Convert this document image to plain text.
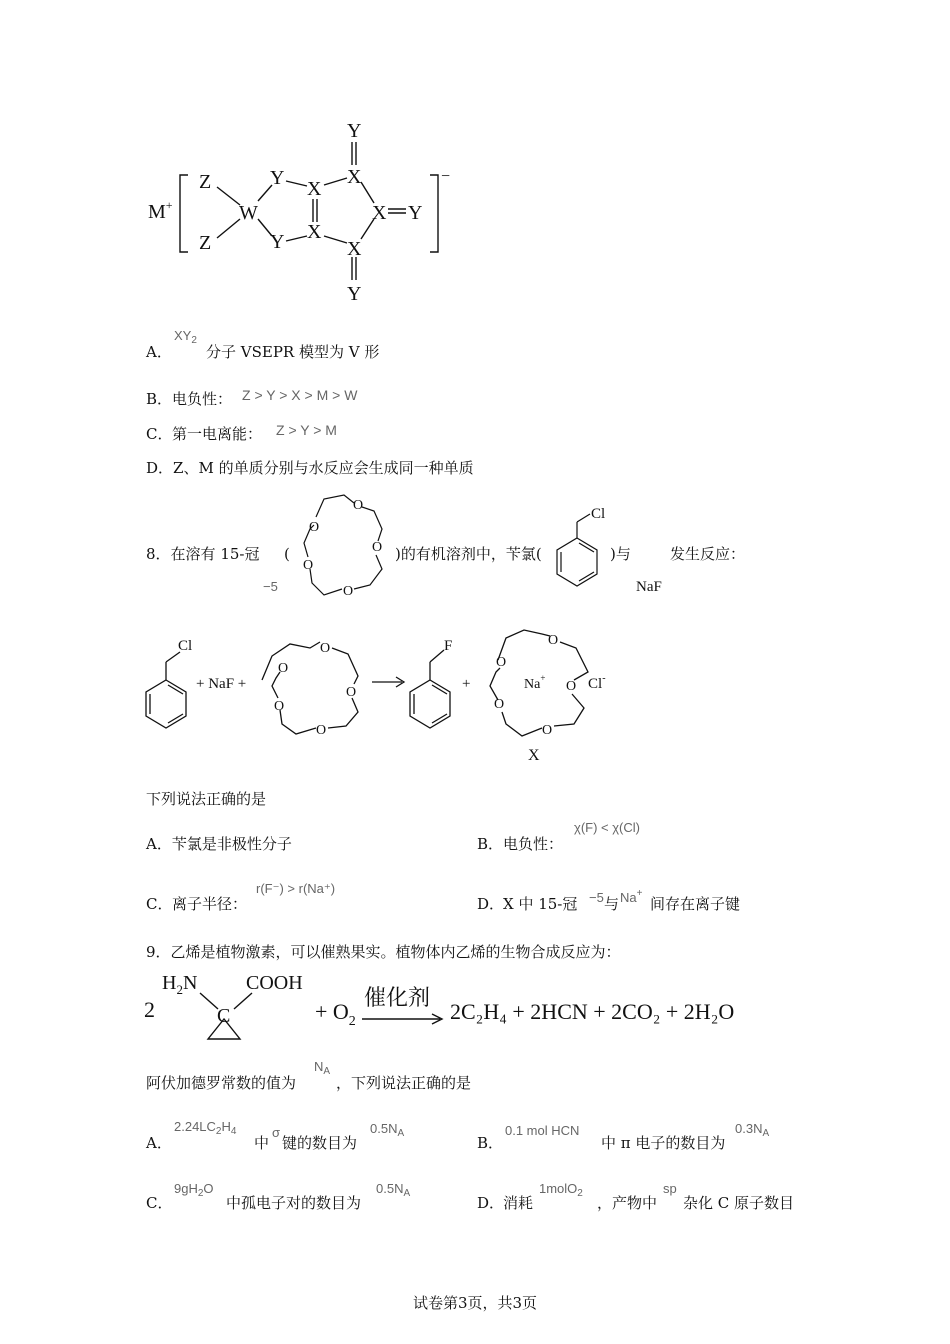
M+
−
Z
Z
W
Y
Y
X
X
X
X
X
Y
Y
Y
A．
$XY_2$
分子 VSEPR 模型为 V 形
B． 电负性： Z > Y > X > M > W
C． 第一电离能： Z > Y > M
D．Z、M 的单质分别与水反应会生成同一种单质
8．在溶有 15-冠
−5
(
O
O
O
O
O
)的有机溶剂中，苄氯(
Cl
)与	发生反应：
NaF
Cl
+ NaF +
O
O
O
O
O
F
+
O
O
O
O
O
Na+	Cl-
X
下列说法正确的是
A．苄氯是非极性分子	B． 电负性：
χ(F) < χ(Cl)
C． 离子半径：
r(F⁻) > r(Na⁺)
D．
X 中 15-冠 −5 与 Na+
间存在离子键
9．乙烯是植物激素，可以催熟果实。植物体内乙烯的生物合成反应为：
2
$H_2N$ COOH
C	+ $O_2$
催化剂
2C₂H₄ + 2HCN + 2CO₂ + 2H₂O
阿伏加德罗常数的值为
$N_A$
，下列说法正确的是
A．
$2.24LC_2H_4$
中
σ
键的数目为
$0.5N_A$
B．
0.1 mol HCN
中 π 电子的数目为
$0.3N_A$
C．
$9gH_2O$
中孤电子对的数目为
$0.5N_A$
D．
消耗
1molO$_2$
，产物中
sp
杂化 C 原子数目
试卷第3页，共3页
